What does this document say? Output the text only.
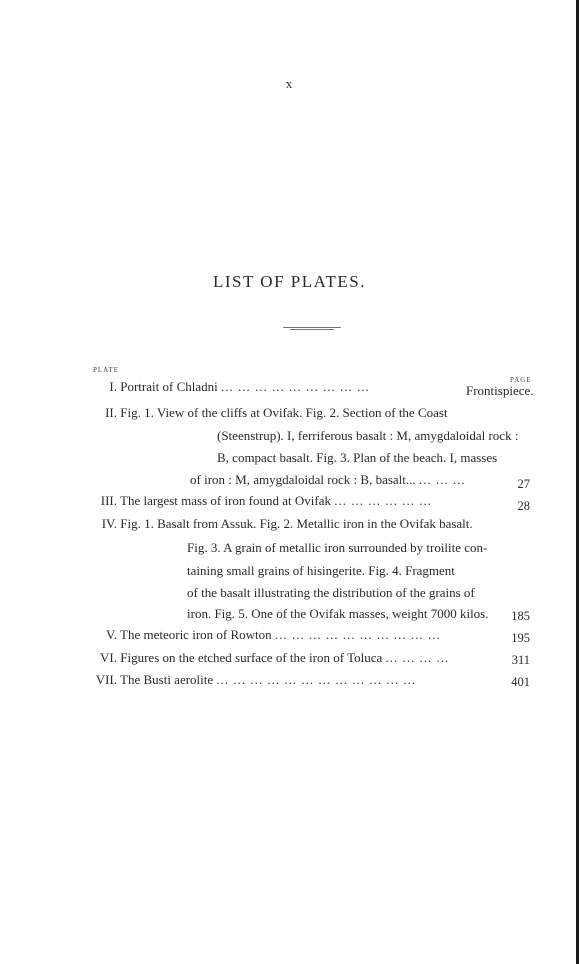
x
LIST OF PLATES.
PLATE
PAGE
I. Portrait of Chladni ... ... ... ... ... ... ... ... ...	Frontispiece.
II. Fig. 1. View of the cliffs at Ovifak. Fig. 2. Section of the Coast
(Steenstrup). I, ferriferous basalt : M, amygdaloidal rock :
B, compact basalt. Fig. 3. Plan of the beach. I, masses
of iron : M, amygdaloidal rock : B, basalt... ... ... ...	27
III. The largest mass of iron found at Ovifak ... ... ... ... ... ...	28
IV. Fig. 1. Basalt from Assuk. Fig. 2. Metallic iron in the Ovifak basalt.
Fig. 3. A grain of metallic iron surrounded by troilite con-
taining small grains of hisingerite. Fig. 4. Fragment
of the basalt illustrating the distribution of the grains of
iron. Fig. 5. One of the Ovifak masses, weight 7000 kilos.	185
V. The meteoric iron of Rowton ... ... ... ... ... ... ... ... ... ...	195
VI. Figures on the etched surface of the iron of Toluca ... ... ... ...	311
VII. The Busti aerolite ... ... ... ... ... ... ... ... ... ... ... ...	401
